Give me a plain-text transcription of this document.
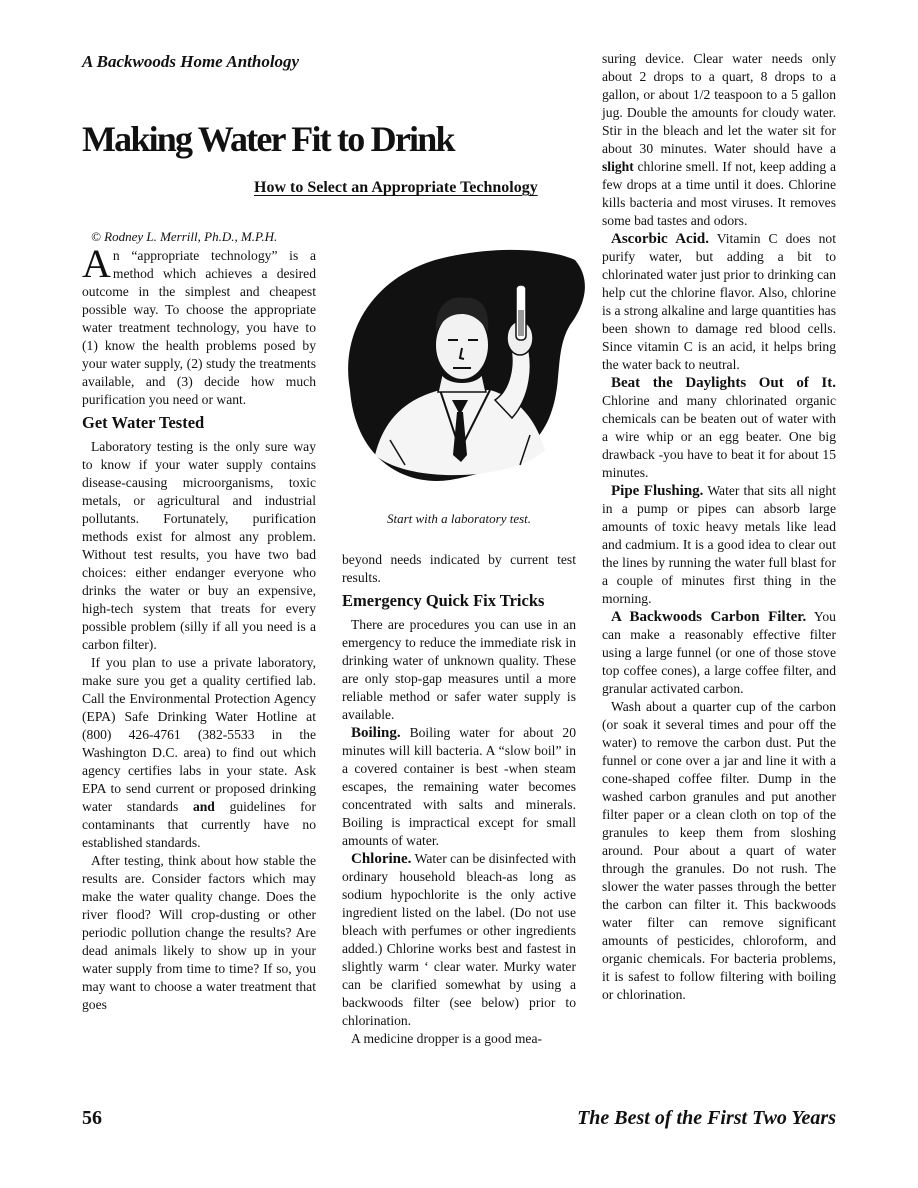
A Backwoods Home Anthology
Making Water Fit to Drink
How to Select an Appropriate Technology
© Rodney L. Merrill, Ph.D., M.P.H.

An “appropriate technology” is a method which achieves a desired outcome in the simplest and cheapest possible way. To choose the appropriate water treatment technology, you have to (1) know the health problems posed by your water supply, (2) study the treatments available, and (3) decide how much purification you need or want.

Get Water Tested

Laboratory testing is the only sure way to know if your water supply contains disease-causing microorganisms, toxic metals, or agricultural and industrial pollutants. Fortunately, purification methods exist for almost any problem. Without test results, you have two bad choices: either endanger everyone who drinks the water or buy an expensive, high-tech system that treats for every possible problem (silly if all you need is a carbon filter).

If you plan to use a private laboratory, make sure you get a quality certified lab. Call the Environmental Protection Agency (EPA) Safe Drinking Water Hotline at (800) 426-4761 (382-5533 in the Washington D.C. area) to find out which agency certifies labs in your state. Ask EPA to send current or proposed drinking water standards and guidelines for contaminants that currently have no established standards.

After testing, think about how stable the results are. Consider factors which may make the water quality change. Does the river flood? Will crop-dusting or other periodic pollution change the results? Are dead animals likely to show up in your water supply from time to time? If so, you may want to choose a water treatment that goes

Start with a laboratory test.

beyond needs indicated by current test results.

Emergency Quick Fix Tricks

There are procedures you can use in an emergency to reduce the immediate risk in drinking water of unknown quality. These are only stop-gap measures until a more reliable method or safer water supply is available.

Boiling. Boiling water for about 20 minutes will kill bacteria. A “slow boil” in a covered container is best -when steam escapes, the remaining water becomes concentrated with salts and minerals. Boiling is impractical except for small amounts of water.

Chlorine. Water can be disinfected with ordinary household bleach-as long as sodium hypochlorite is the only active ingredient listed on the label. (Do not use bleach with perfumes or other ingredients added.) Chlorine works best and fastest in slightly warm ‘ clear water. Murky water can be clarified somewhat by using a backwoods filter (see below) prior to chlorination.

A medicine dropper is a good mea-

suring device. Clear water needs only about 2 drops to a quart, 8 drops to a gallon, or about 1/2 teaspoon to a 5 gallon jug. Double the amounts for cloudy water. Stir in the bleach and let the water sit for about 30 minutes. Water should have a slight chlorine smell. If not, keep adding a few drops at a time until it does. Chlorine kills bacteria and most viruses. It removes some bad tastes and odors.

Ascorbic Acid. Vitamin C does not purify water, but adding a bit to chlorinated water just prior to drinking can help cut the chlorine flavor. Also, chlorine is a strong alkaline and large quantities has been shown to damage red blood cells. Since vitamin C is an acid, it helps bring the water back to neutral.

Beat the Daylights Out of It. Chlorine and many chlorinated organic chemicals can be beaten out of water with a wire whip or an egg beater. One big drawback -you have to beat it for about 15 minutes.

Pipe Flushing. Water that sits all night in a pump or pipes can absorb large amounts of toxic heavy metals like lead and cadmium. It is a good idea to clear out the lines by running the water full blast for a couple of minutes first thing in the morning.

A Backwoods Carbon Filter. You can make a reasonably effective filter using a large funnel (or one of those stove top coffee cones), a large coffee filter, and granular activated carbon.

Wash about a quarter cup of the carbon (or soak it several times and pour off the water) to remove the carbon dust. Put the funnel or cone over a jar and line it with a cone-shaped coffee filter. Dump in the washed carbon granules and put another filter paper or a clean cloth on top of the granules to keep them from sloshing around. Pour about a quart of water through the granules. Do not rush. The slower the water passes through the better the carbon can filter it. This backwoods water filter can remove significant amounts of pesticides, chloroform, and organic chemicals. For bacteria problems, it is safest to follow filtering with boiling or chlorination.

56	The Best of the First Two Years
